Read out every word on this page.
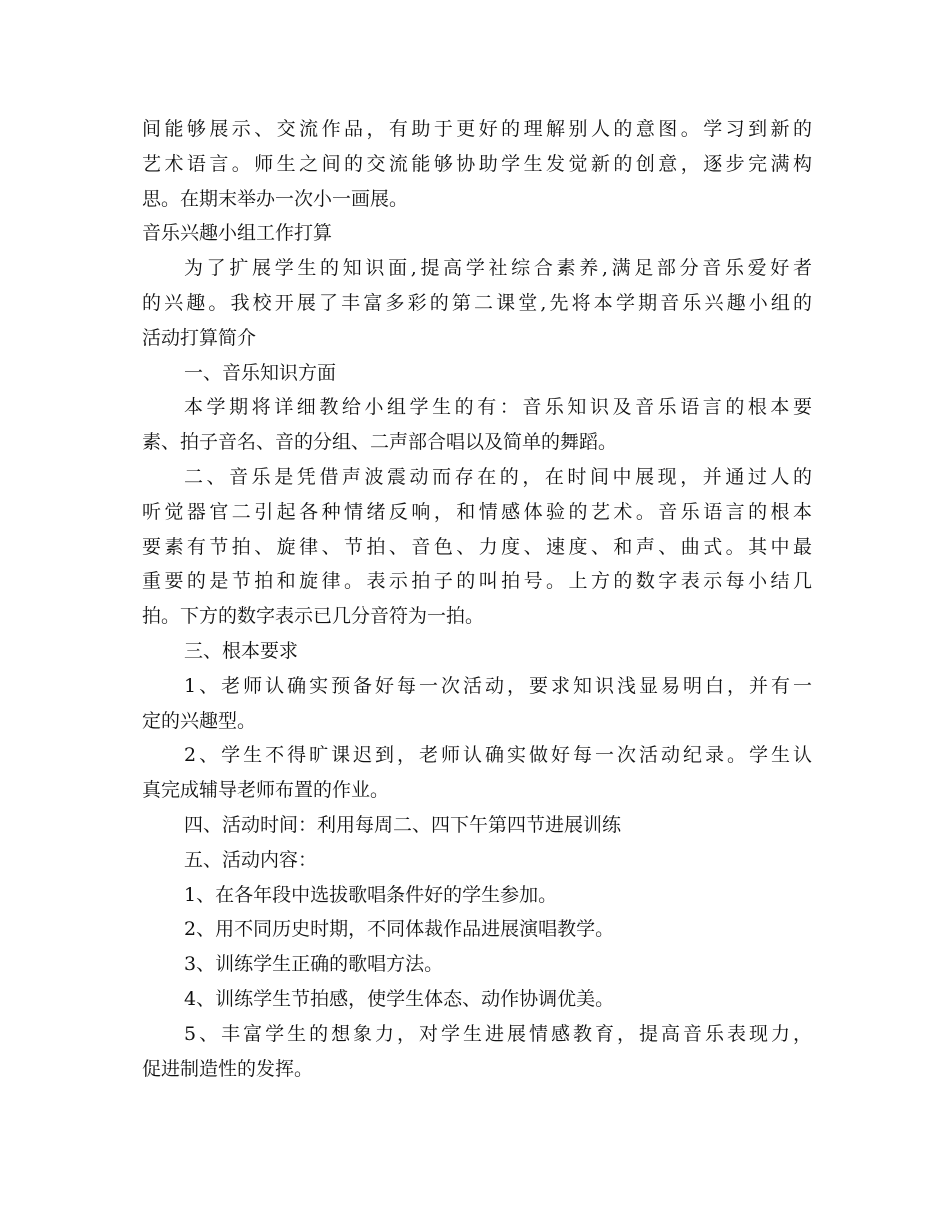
间能够展示、交流作品，有助于更好的理解别人的意图。学习到新的
艺术语言。师生之间的交流能够协助学生发觉新的创意，逐步完满构
思。在期末举办一次小一画展。
音乐兴趣小组工作打算
为了扩展学生的知识面,提高学社综合素养,满足部分音乐爱好者
的兴趣。我校开展了丰富多彩的第二课堂,先将本学期音乐兴趣小组的
活动打算简介
一、音乐知识方面
本学期将详细教给小组学生的有：音乐知识及音乐语言的根本要
素、拍子音名、音的分组、二声部合唱以及简单的舞蹈。
二、音乐是凭借声波震动而存在的，在时间中展现，并通过人的
听觉器官二引起各种情绪反响，和情感体验的艺术。音乐语言的根本
要素有节拍、旋律、节拍、音色、力度、速度、和声、曲式。其中最
重要的是节拍和旋律。表示拍子的叫拍号。上方的数字表示每小结几
拍。下方的数字表示已几分音符为一拍。
三、根本要求
1、老师认确实预备好每一次活动，要求知识浅显易明白，并有一
定的兴趣型。
2、学生不得旷课迟到，老师认确实做好每一次活动纪录。学生认
真完成辅导老师布置的作业。
四、活动时间：利用每周二、四下午第四节进展训练
五、活动内容：
1、在各年段中选拔歌唱条件好的学生参加。
2、用不同历史时期，不同体裁作品进展演唱教学。
3、训练学生正确的歌唱方法。
4、训练学生节拍感，使学生体态、动作协调优美。
5、丰富学生的想象力，对学生进展情感教育，提高音乐表现力，
促进制造性的发挥。
